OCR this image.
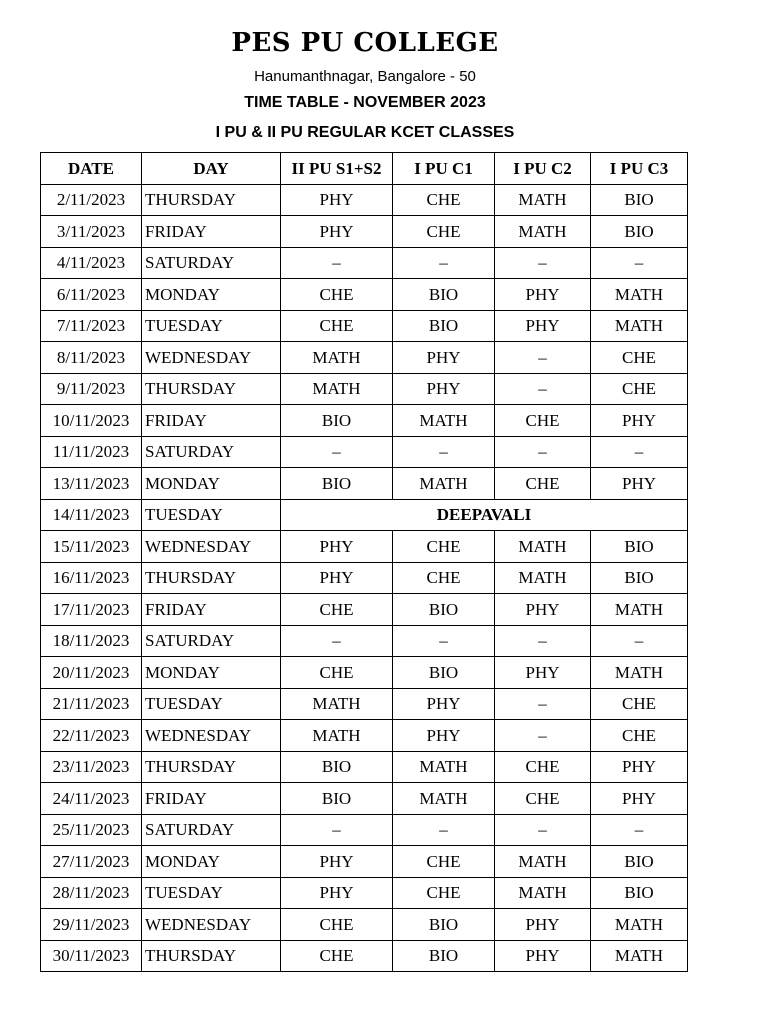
PES PU COLLEGE
Hanumanthnagar, Bangalore - 50
TIME TABLE - NOVEMBER 2023
I PU & II PU REGULAR KCET CLASSES
DATE	DAY	II PU S1+S2	I PU C1	I PU C2	I PU C3
2/11/2023	THURSDAY	PHY	CHE	MATH	BIO
3/11/2023	FRIDAY	PHY	CHE	MATH	BIO
4/11/2023	SATURDAY	–	–	–	–
6/11/2023	MONDAY	CHE	BIO	PHY	MATH
7/11/2023	TUESDAY	CHE	BIO	PHY	MATH
8/11/2023	WEDNESDAY	MATH	PHY	–	CHE
9/11/2023	THURSDAY	MATH	PHY	–	CHE
10/11/2023	FRIDAY	BIO	MATH	CHE	PHY
11/11/2023	SATURDAY	–	–	–	–
13/11/2023	MONDAY	BIO	MATH	CHE	PHY
14/11/2023	TUESDAY	DEEPAVALI			
15/11/2023	WEDNESDAY	PHY	CHE	MATH	BIO
16/11/2023	THURSDAY	PHY	CHE	MATH	BIO
17/11/2023	FRIDAY	CHE	BIO	PHY	MATH
18/11/2023	SATURDAY	–	–	–	–
20/11/2023	MONDAY	CHE	BIO	PHY	MATH
21/11/2023	TUESDAY	MATH	PHY	–	CHE
22/11/2023	WEDNESDAY	MATH	PHY	–	CHE
23/11/2023	THURSDAY	BIO	MATH	CHE	PHY
24/11/2023	FRIDAY	BIO	MATH	CHE	PHY
25/11/2023	SATURDAY	–	–	–	–
27/11/2023	MONDAY	PHY	CHE	MATH	BIO
28/11/2023	TUESDAY	PHY	CHE	MATH	BIO
29/11/2023	WEDNESDAY	CHE	BIO	PHY	MATH
30/11/2023	THURSDAY	CHE	BIO	PHY	MATH
